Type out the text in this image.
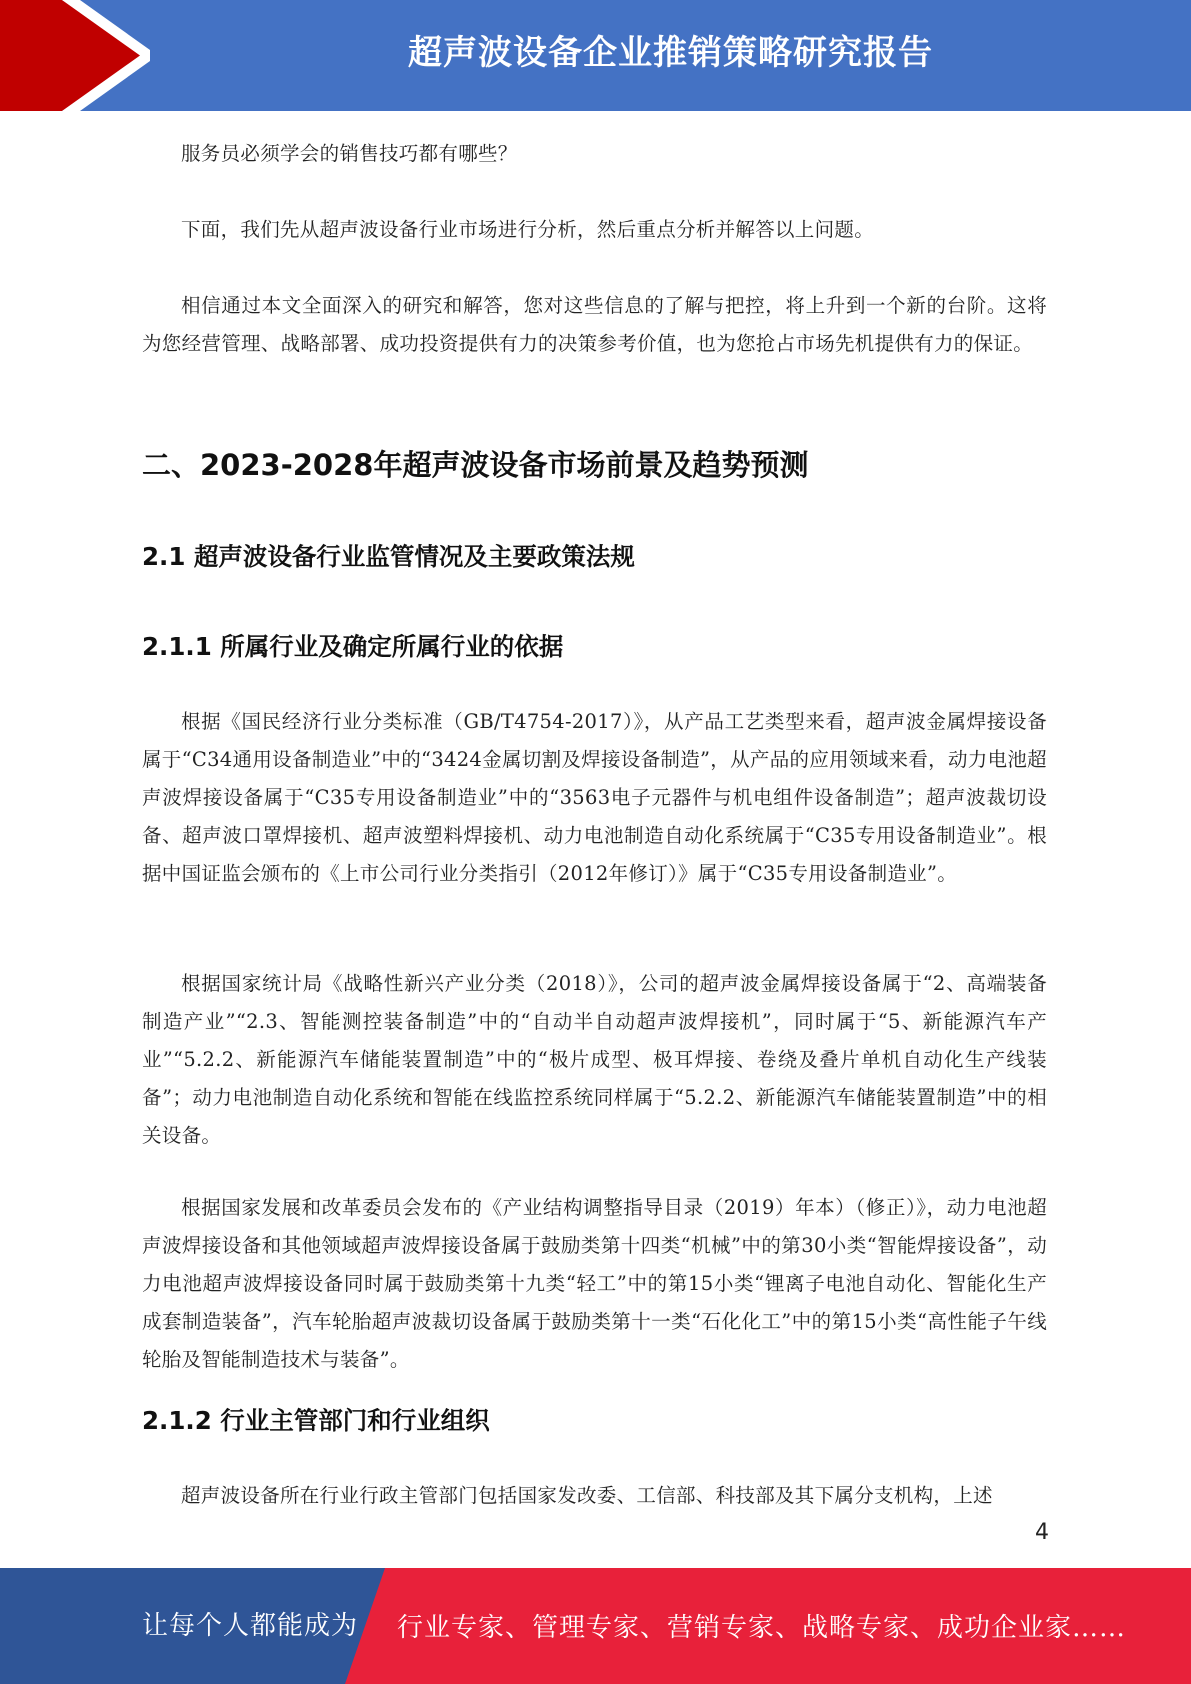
超声波设备企业推销策略研究报告

服务员必须学会的销售技巧都有哪些？

下面，我们先从超声波设备行业市场进行分析，然后重点分析并解答以上问题。

相信通过本文全面深入的研究和解答，您对这些信息的了解与把控，将上升到一个新的台阶。这将为您经营管理、战略部署、成功投资提供有力的决策参考价值，也为您抢占市场先机提供有力的保证。

二、2023-2028年超声波设备市场前景及趋势预测
2.1 超声波设备行业监管情况及主要政策法规
2.1.1 所属行业及确定所属行业的依据

根据《国民经济行业分类标准（GB/T4754-2017）》，从产品工艺类型来看，超声波金属焊接设备属于“C34通用设备制造业”中的“3424金属切割及焊接设备制造”，从产品的应用领域来看，动力电池超声波焊接设备属于“C35专用设备制造业”中的“3563电子元器件与机电组件设备制造”；超声波裁切设备、超声波口罩焊接机、超声波塑料焊接机、动力电池制造自动化系统属于“C35专用设备制造业”。根据中国证监会颁布的《上市公司行业分类指引（2012年修订）》属于“C35专用设备制造业”。

根据国家统计局《战略性新兴产业分类（2018）》，公司的超声波金属焊接设备属于“2、高端装备制造产业”“2.3、智能测控装备制造”中的“自动半自动超声波焊接机”，同时属于“5、新能源汽车产业”“5.2.2、新能源汽车储能装置制造”中的“极片成型、极耳焊接、卷绕及叠片单机自动化生产线装备”；动力电池制造自动化系统和智能在线监控系统同样属于“5.2.2、新能源汽车储能装置制造”中的相关设备。

根据国家发展和改革委员会发布的《产业结构调整指导目录（2019）年本）（修正）》，动力电池超声波焊接设备和其他领域超声波焊接设备属于鼓励类第十四类“机械”中的第30小类“智能焊接设备”，动力电池超声波焊接设备同时属于鼓励类第十九类“轻工”中的第15小类“锂离子电池自动化、智能化生产成套制造装备”，汽车轮胎超声波裁切设备属于鼓励类第十一类“石化化工”中的第15小类“高性能子午线轮胎及智能制造技术与装备”。

2.1.2 行业主管部门和行业组织

超声波设备所在行业行政主管部门包括国家发改委、工信部、科技部及其下属分支机构，上述

4
让每个人都能成为 行业专家、管理专家、营销专家、战略专家、成功企业家……
